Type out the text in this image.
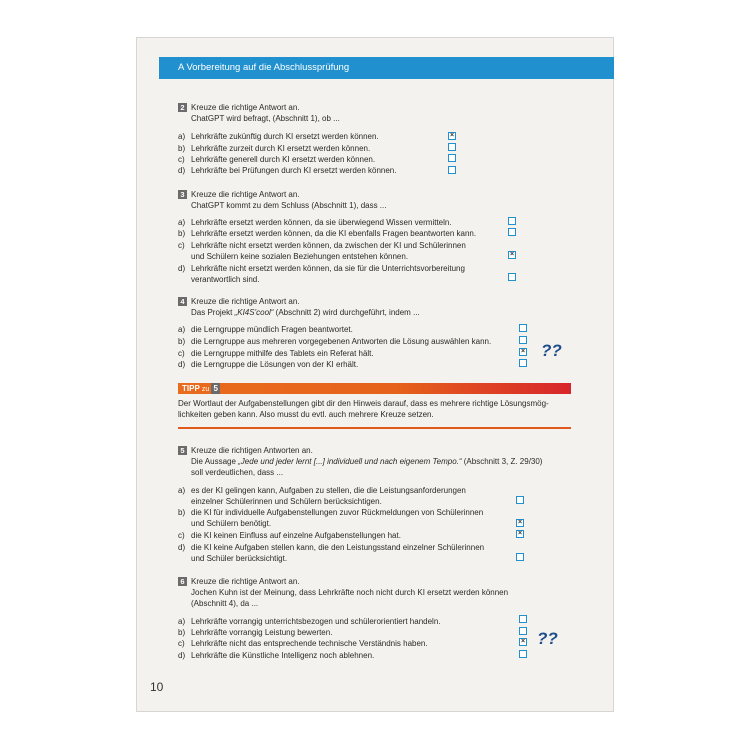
A Vorbereitung auf die Abschlussprüfung
2 Kreuze die richtige Antwort an.
ChatGPT wird befragt, (Abschnitt 1), ob ...
a) Lehrkräfte zukünftig durch KI ersetzt werden können.	×
b) Lehrkräfte zurzeit durch KI ersetzt werden können.
c) Lehrkräfte generell durch KI ersetzt werden können.
d) Lehrkräfte bei Prüfungen durch KI ersetzt werden können.
3 Kreuze die richtige Antwort an.
ChatGPT kommt zu dem Schluss (Abschnitt 1), dass ...
a) Lehrkräfte ersetzt werden können, da sie überwiegend Wissen vermitteln.
b) Lehrkräfte ersetzt werden können, da die KI ebenfalls Fragen beantworten kann.
c) Lehrkräfte nicht ersetzt werden können, da zwischen der KI und Schülerinnen
und Schülern keine sozialen Beziehungen entstehen können.	×
d) Lehrkräfte nicht ersetzt werden können, da sie für die Unterrichtsvorbereitung
verantwortlich sind.
4 Kreuze die richtige Antwort an.
Das Projekt „KI4S'cool“ (Abschnitt 2) wird durchgeführt, indem ...
a) die Lerngruppe mündlich Fragen beantwortet.
b) die Lerngruppe aus mehreren vorgegebenen Antworten die Lösung auswählen kann.
c) die Lerngruppe mithilfe des Tablets ein Referat hält.	×
d) die Lerngruppe die Lösungen von der KI erhält.
??
TIPP zu 5
Der Wortlaut der Aufgabenstellungen gibt dir den Hinweis darauf, dass es mehrere richtige Lösungsmög-
lichkeiten geben kann. Also musst du evtl. auch mehrere Kreuze setzen.
5 Kreuze die richtigen Antworten an.
Die Aussage „Jede und jeder lernt [...] individuell und nach eigenem Tempo.“ (Abschnitt 3, Z. 29/30)
soll verdeutlichen, dass ...
a) es der KI gelingen kann, Aufgaben zu stellen, die die Leistungsanforderungen
einzelner Schülerinnen und Schülern berücksichtigen.
b) die KI für individuelle Aufgabenstellungen zuvor Rückmeldungen von Schülerinnen
und Schülern benötigt.	×
c) die KI keinen Einfluss auf einzelne Aufgabenstellungen hat.	×
d) die KI keine Aufgaben stellen kann, die den Leistungsstand einzelner Schülerinnen
und Schüler berücksichtigt.
6 Kreuze die richtige Antwort an.
Jochen Kuhn ist der Meinung, dass Lehrkräfte noch nicht durch KI ersetzt werden können
(Abschnitt 4), da ...
a) Lehrkräfte vorrangig unterrichtsbezogen und schülerorientiert handeln.
b) Lehrkräfte vorrangig Leistung bewerten.
c) Lehrkräfte nicht das entsprechende technische Verständnis haben.	×
d) Lehrkräfte die Künstliche Intelligenz noch ablehnen.
??
10
